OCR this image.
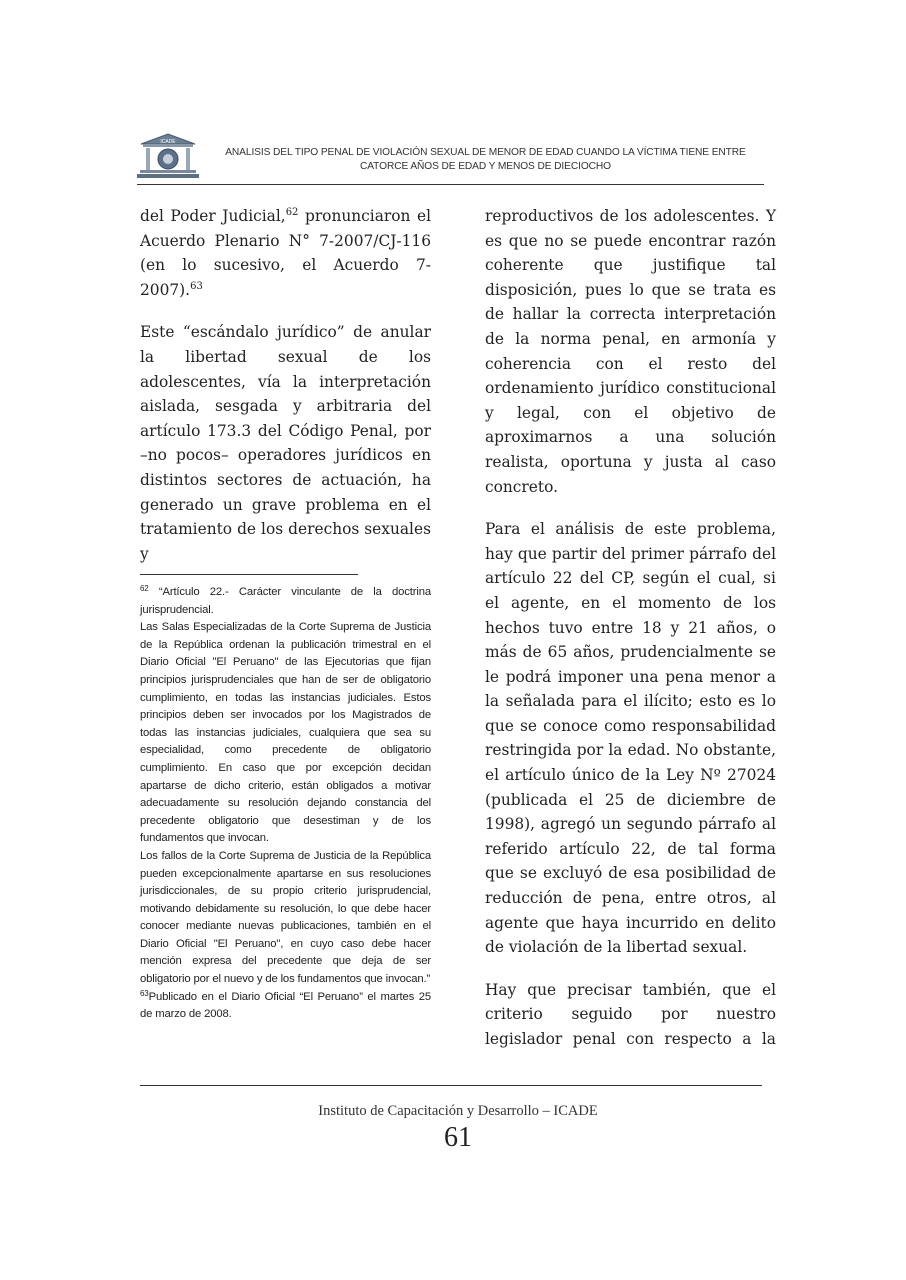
ICADE
ANALISIS DEL TIPO PENAL DE VIOLACIÓN SEXUAL DE MENOR DE EDAD CUANDO LA VÍCTIMA TIENE ENTRE
CATORCE AÑOS DE EDAD Y MENOS DE DIECIOCHO

del Poder Judicial,$^{62}$ pronunciaron el Acuerdo Plenario N° 7-2007/CJ-116 (en lo sucesivo, el Acuerdo 7-2007).$^{63}$

Este “escándalo jurídico” de anular la libertad sexual de los adolescentes, vía la interpretación aislada, sesgada y arbitraria del artículo 173.3 del Código Penal, por –no pocos– operadores jurídicos en distintos sectores de actuación, ha generado un grave problema en el tratamiento de los derechos sexuales y

$^{62}$ “Artículo 22.- Carácter vinculante de la doctrina jurisprudencial.

Las Salas Especializadas de la Corte Suprema de Justicia de la República ordenan la publicación trimestral en el Diario Oficial "El Peruano" de las Ejecutorias que fijan principios jurisprudenciales que han de ser de obligatorio cumplimiento, en todas las instancias judiciales. Estos principios deben ser invocados por los Magistrados de todas las instancias judiciales, cualquiera que sea su especialidad, como precedente de obligatorio cumplimiento. En caso que por excepción decidan apartarse de dicho criterio, están obligados a motivar adecuadamente su resolución dejando constancia del precedente obligatorio que desestiman y de los fundamentos que invocan.

Los fallos de la Corte Suprema de Justicia de la República pueden excepcionalmente apartarse en sus resoluciones jurisdiccionales, de su propio criterio jurisprudencial, motivando debidamente su resolución, lo que debe hacer conocer mediante nuevas publicaciones, también en el Diario Oficial "El Peruano", en cuyo caso debe hacer mención expresa del precedente que deja de ser obligatorio por el nuevo y de los fundamentos que invocan.”

$^{63}$Publicado en el Diario Oficial “El Peruano” el martes 25 de marzo de 2008.

reproductivos de los adolescentes. Y es que no se puede encontrar razón coherente que justifique tal disposición, pues lo que se trata es de hallar la correcta interpretación de la norma penal, en armonía y coherencia con el resto del ordenamiento jurídico constitucional y legal, con el objetivo de aproximarnos a una solución realista, oportuna y justa al caso concreto.

Para el análisis de este problema, hay que partir del primer párrafo del artículo 22 del CP, según el cual, si el agente, en el momento de los hechos tuvo entre 18 y 21 años, o más de 65 años, prudencialmente se le podrá imponer una pena menor a la señalada para el ilícito; esto es lo que se conoce como responsabilidad restringida por la edad. No obstante, el artículo único de la Ley Nº 27024 (publicada el 25 de diciembre de 1998), agregó un segundo párrafo al referido artículo 22, de tal forma que se excluyó de esa posibilidad de reducción de pena, entre otros, al agente que haya incurrido en delito de violación de la libertad sexual.

Hay que precisar también, que el criterio seguido por nuestro legislador penal con respecto a la

Instituto de Capacitación y Desarrollo – ICADE
61
